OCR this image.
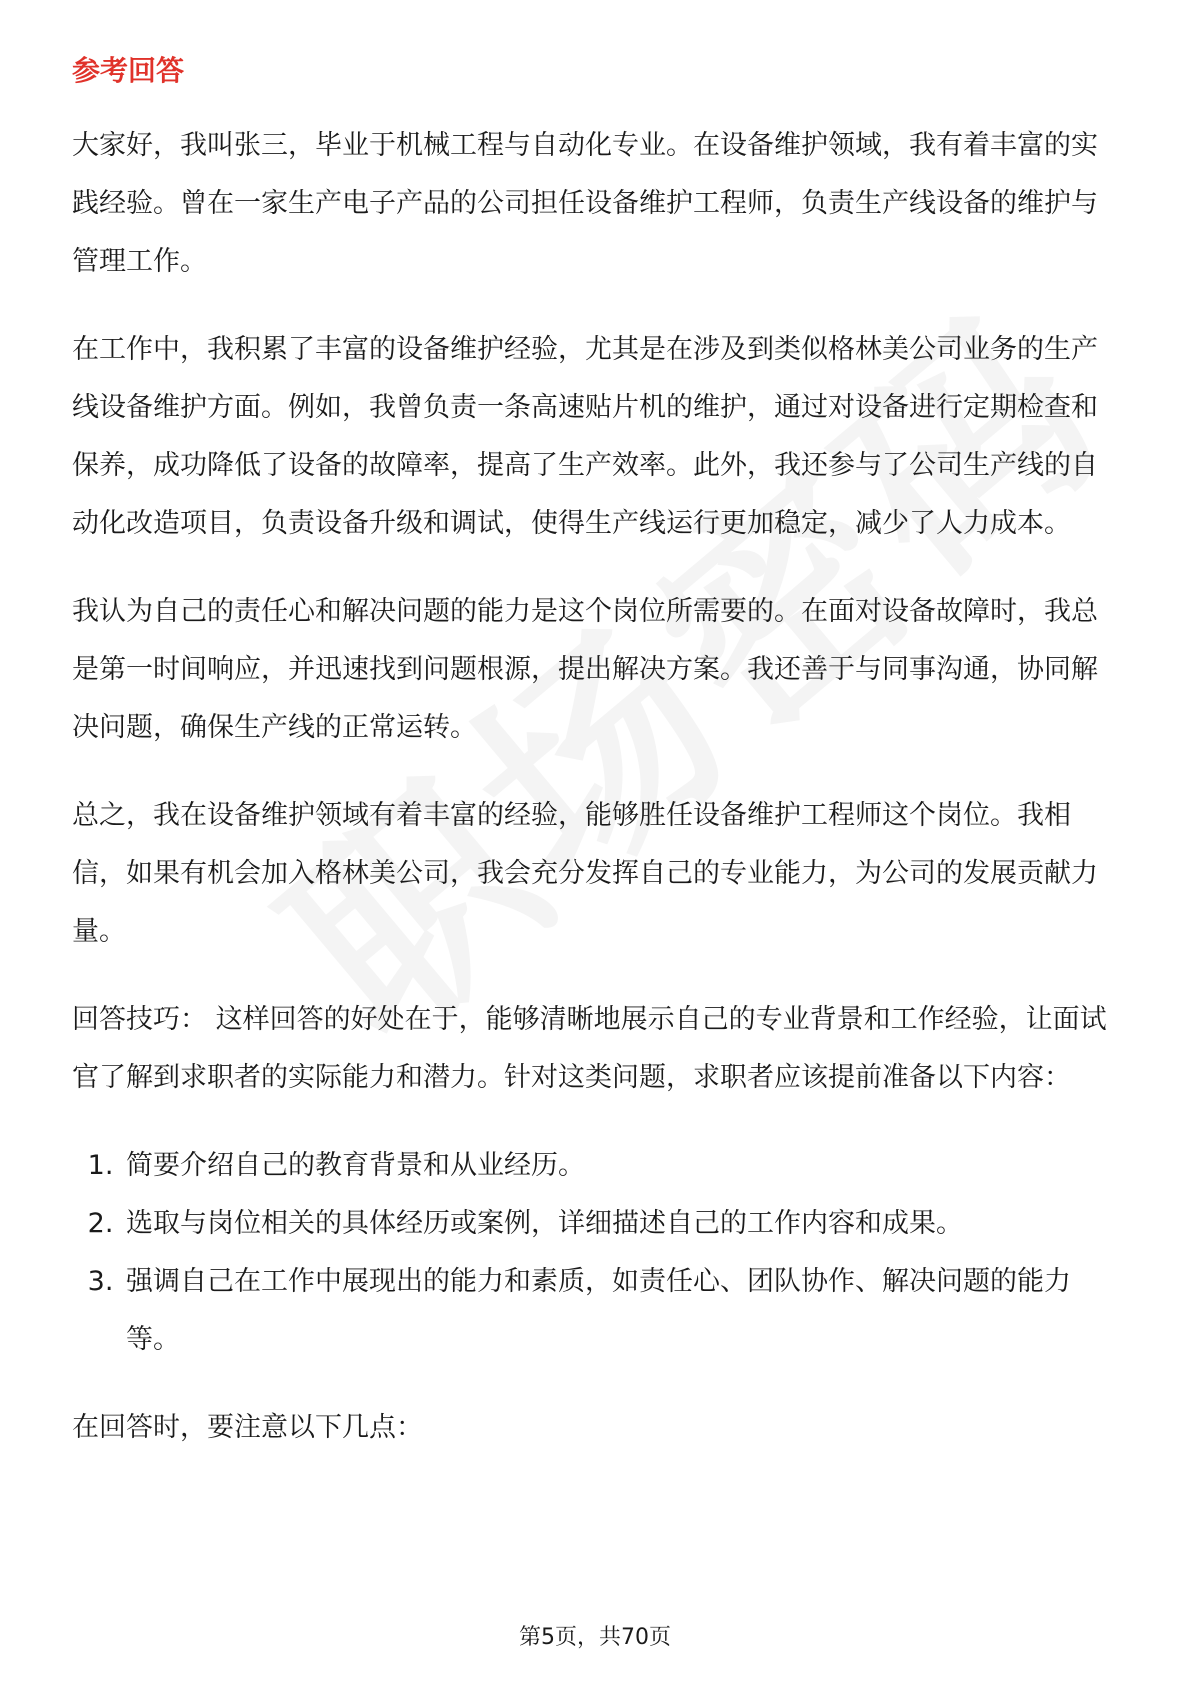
参考回答

大家好，我叫张三，毕业于机械工程与自动化专业。在设备维护领域，我有着丰富的实践经验。曾在一家生产电子产品的公司担任设备维护工程师，负责生产线设备的维护与管理工作。

在工作中，我积累了丰富的设备维护经验，尤其是在涉及到类似格林美公司业务的生产线设备维护方面。例如，我曾负责一条高速贴片机的维护，通过对设备进行定期检查和保养，成功降低了设备的故障率，提高了生产效率。此外，我还参与了公司生产线的自动化改造项目，负责设备升级和调试，使得生产线运行更加稳定，减少了人力成本。

我认为自己的责任心和解决问题的能力是这个岗位所需要的。在面对设备故障时，我总是第一时间响应，并迅速找到问题根源，提出解决方案。我还善于与同事沟通，协同解决问题，确保生产线的正常运转。

总之，我在设备维护领域有着丰富的经验，能够胜任设备维护工程师这个岗位。我相信，如果有机会加入格林美公司，我会充分发挥自己的专业能力，为公司的发展贡献力量。

回答技巧： 这样回答的好处在于，能够清晰地展示自己的专业背景和工作经验，让面试官了解到求职者的实际能力和潜力。针对这类问题，求职者应该提前准备以下内容：

1. 简要介绍自己的教育背景和从业经历。
2. 选取与岗位相关的具体经历或案例，详细描述自己的工作内容和成果。
3. 强调自己在工作中展现出的能力和素质，如责任心、团队协作、解决问题的能力等。

在回答时，要注意以下几点：

第5页，共70页
